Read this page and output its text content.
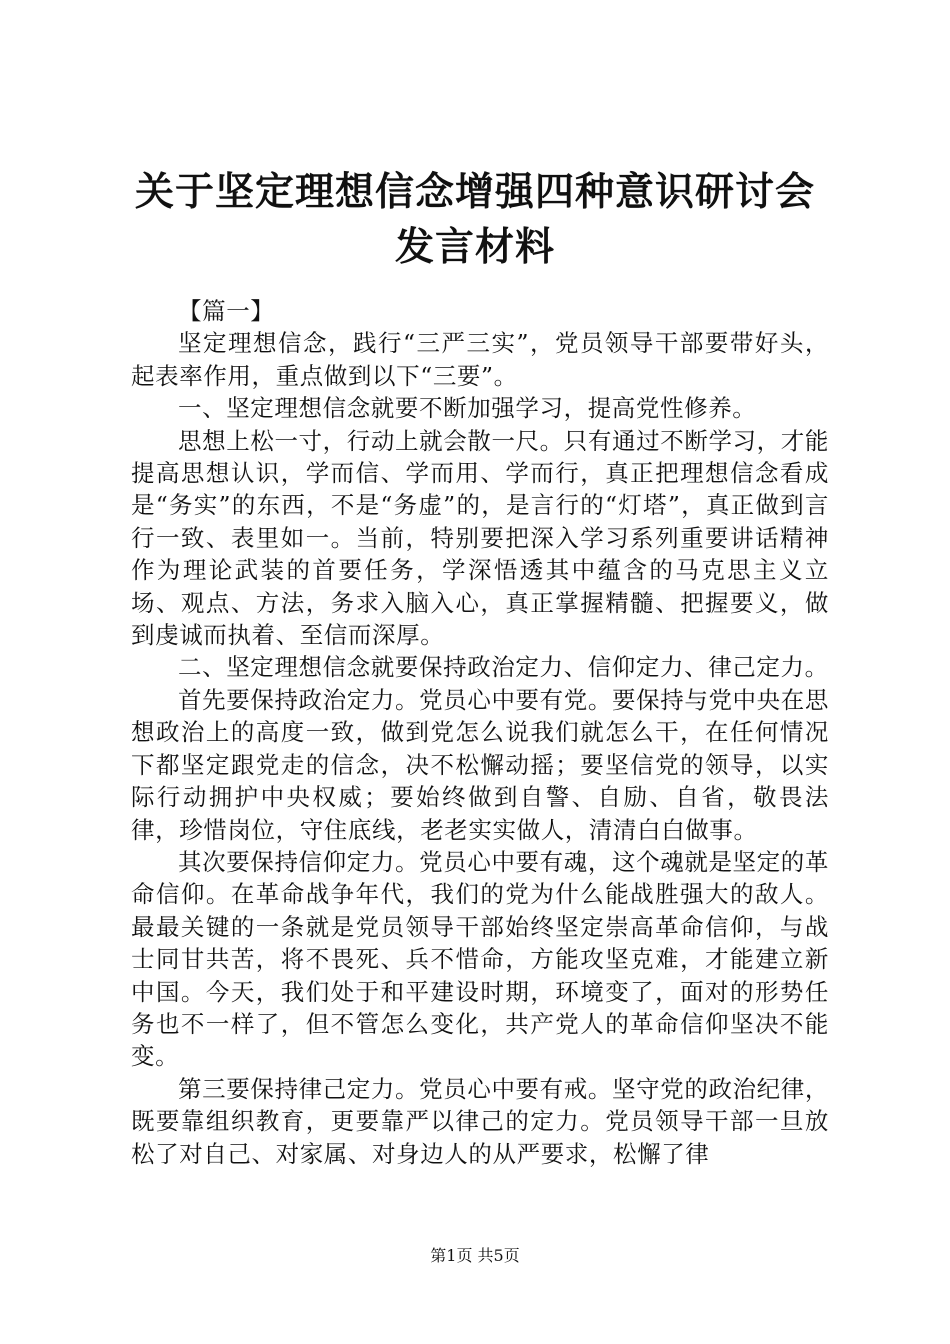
关于坚定理想信念增强四种意识研讨会发言材料

【篇一】

坚定理想信念，践行“三严三实”，党员领导干部要带好头，起表率作用，重点做到以下“三要”。

一、坚定理想信念就要不断加强学习，提高党性修养。

思想上松一寸，行动上就会散一尺。只有通过不断学习，才能提高思想认识，学而信、学而用、学而行，真正把理想信念看成是“务实”的东西，不是“务虚”的，是言行的“灯塔”，真正做到言行一致、表里如一。当前，特别要把深入学习系列重要讲话精神作为理论武装的首要任务，学深悟透其中蕴含的马克思主义立场、观点、方法，务求入脑入心，真正掌握精髓、把握要义，做到虔诚而执着、至信而深厚。

二、坚定理想信念就要保持政治定力、信仰定力、律己定力。

首先要保持政治定力。党员心中要有党。要保持与党中央在思想政治上的高度一致，做到党怎么说我们就怎么干，在任何情况下都坚定跟党走的信念，决不松懈动摇；要坚信党的领导，以实际行动拥护中央权威；要始终做到自警、自励、自省，敬畏法律，珍惜岗位，守住底线，老老实实做人，清清白白做事。

其次要保持信仰定力。党员心中要有魂，这个魂就是坚定的革命信仰。在革命战争年代，我们的党为什么能战胜强大的敌人。最最关键的一条就是党员领导干部始终坚定崇高革命信仰，与战士同甘共苦，将不畏死、兵不惜命，方能攻坚克难，才能建立新中国。今天，我们处于和平建设时期，环境变了，面对的形势任务也不一样了，但不管怎么变化，共产党人的革命信仰坚决不能变。

第三要保持律己定力。党员心中要有戒。坚守党的政治纪律，既要靠组织教育，更要靠严以律己的定力。党员领导干部一旦放松了对自己、对家属、对身边人的从严要求，松懈了律

第1页 共5页
